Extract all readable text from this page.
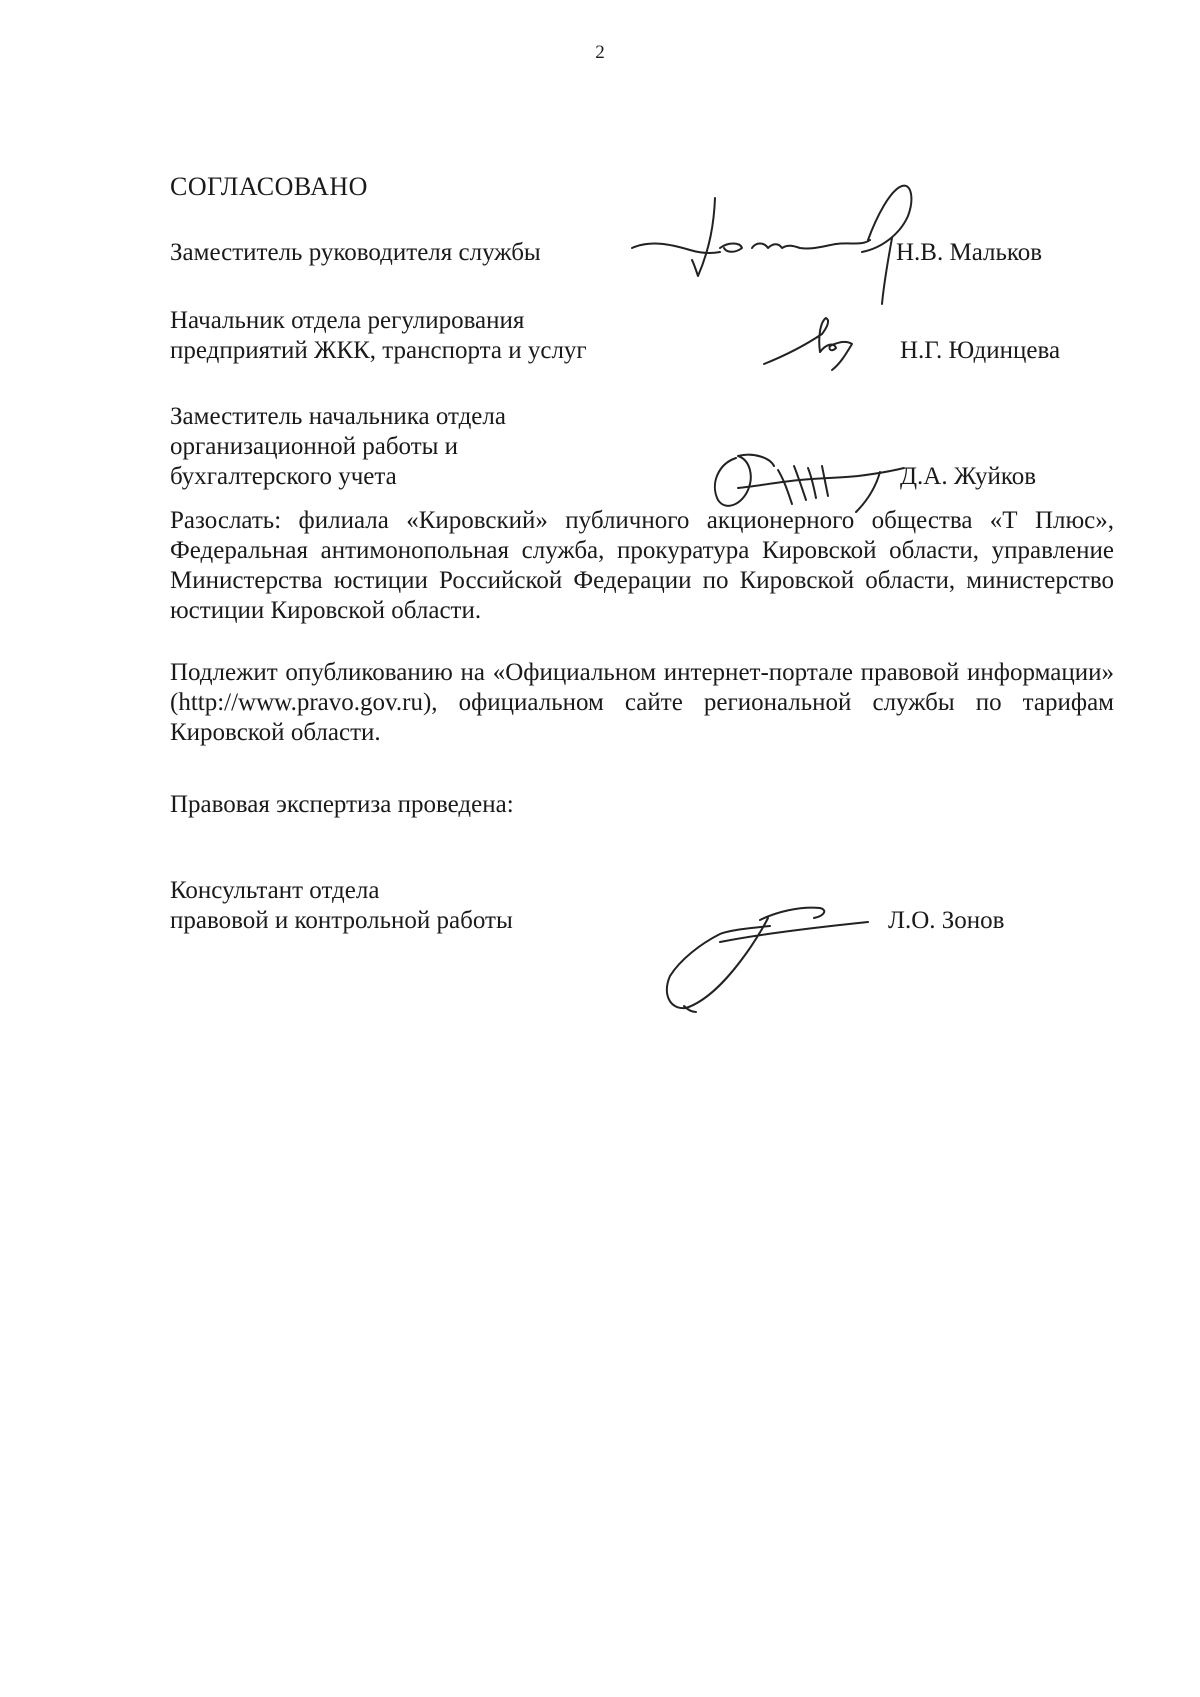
2
СОГЛАСОВАНО
Заместитель руководителя службы	Н.В. Мальков
Начальник отдела регулирования
предприятий ЖКК, транспорта и услуг	Н.Г. Юдинцева
Заместитель начальника отдела
организационной работы и
бухгалтерского учета	Д.А. Жуйков
Разослать: филиала «Кировский» публичного акционерного общества «Т Плюс», Федеральная антимонопольная служба, прокуратура Кировской области, управление Министерства юстиции Российской Федерации по Кировской области, министерство юстиции Кировской области.
Подлежит опубликованию на «Официальном интернет-портале правовой информации» (http://www.pravo.gov.ru), официальном сайте региональной службы по тарифам Кировской области.
Правовая экспертиза проведена:
Консультант отдела
правовой и контрольной работы	Л.О. Зонов
